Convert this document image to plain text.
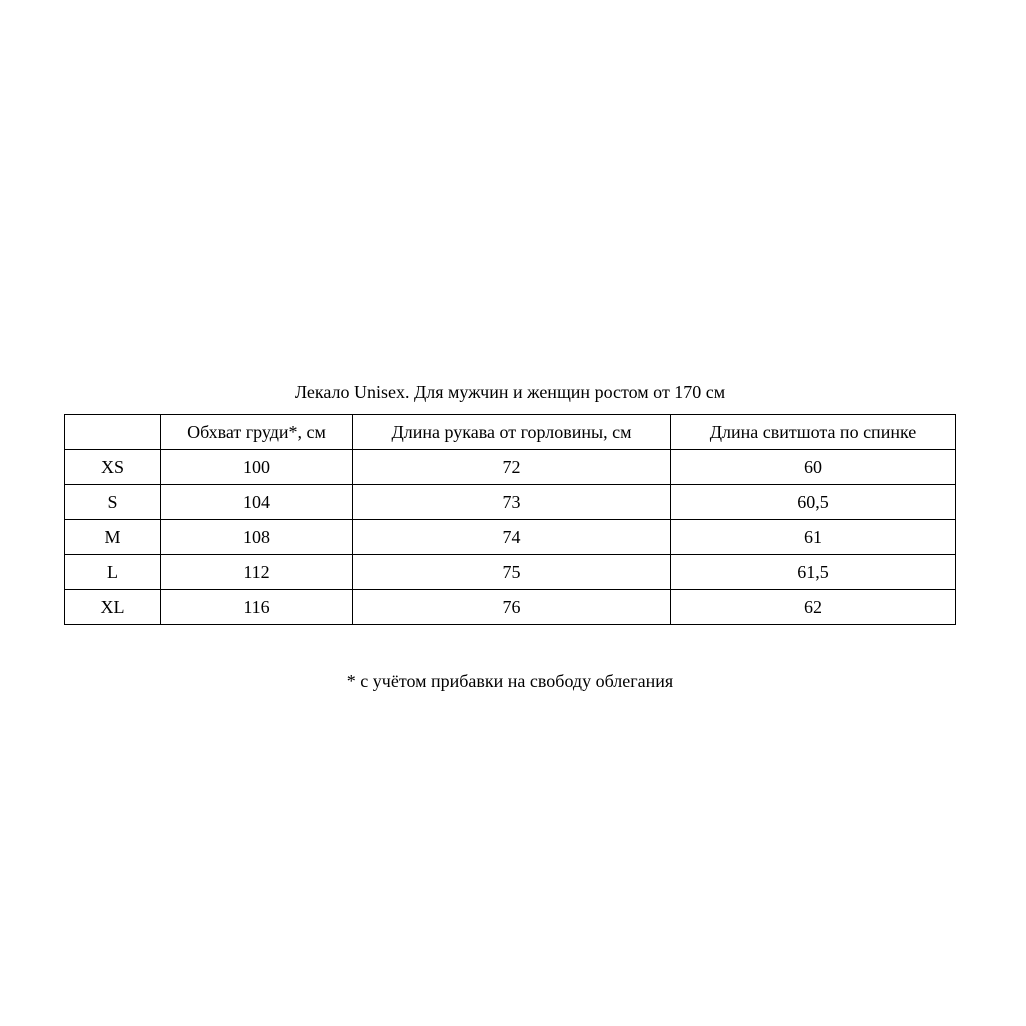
Лекало Unisex. Для мужчин и женщин ростом от 170 см
	Обхват груди*, см	Длина рукава от горловины, см	Длина свитшота по спинке
XS	100	72	60
S	104	73	60,5
M	108	74	61
L	112	75	61,5
XL	116	76	62
* с учётом прибавки на свободу облегания
